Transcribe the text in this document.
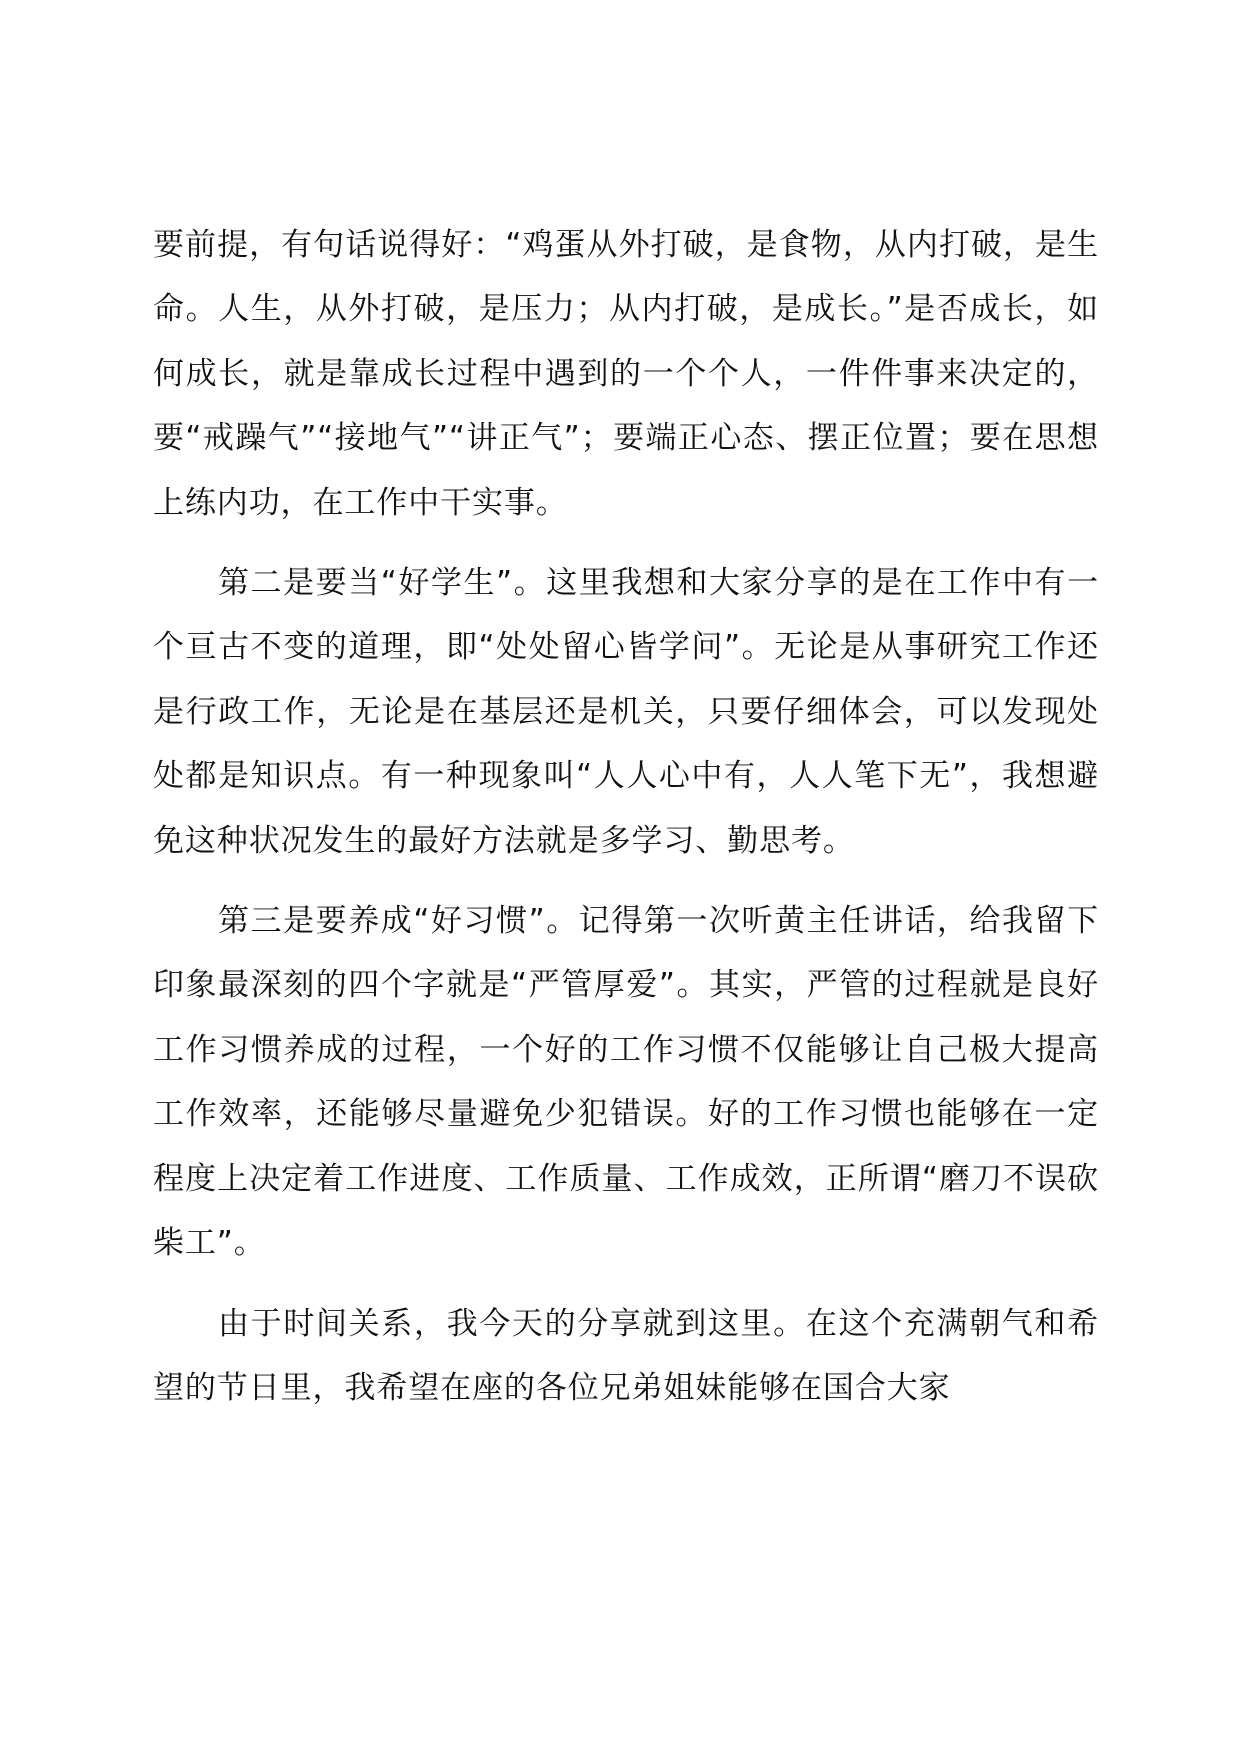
要前提，有句话说得好：“鸡蛋从外打破，是食物，从内打破，是生命。人生，从外打破，是压力；从内打破，是成长。”是否成长，如何成长，就是靠成长过程中遇到的一个个人，一件件事来决定的，要“戒躁气”“接地气”“讲正气”；要端正心态、摆正位置；要在思想上练内功，在工作中干实事。

第二是要当“好学生”。这里我想和大家分享的是在工作中有一个亘古不变的道理，即“处处留心皆学问”。无论是从事研究工作还是行政工作，无论是在基层还是机关，只要仔细体会，可以发现处处都是知识点。有一种现象叫“人人心中有，人人笔下无”，我想避免这种状况发生的最好方法就是多学习、勤思考。

第三是要养成“好习惯”。记得第一次听黄主任讲话，给我留下印象最深刻的四个字就是“严管厚爱”。其实，严管的过程就是良好工作习惯养成的过程，一个好的工作习惯不仅能够让自己极大提高工作效率，还能够尽量避免少犯错误。好的工作习惯也能够在一定程度上决定着工作进度、工作质量、工作成效，正所谓“磨刀不误砍柴工”。

由于时间关系，我今天的分享就到这里。在这个充满朝气和希望的节日里，我希望在座的各位兄弟姐妹能够在国合大家
